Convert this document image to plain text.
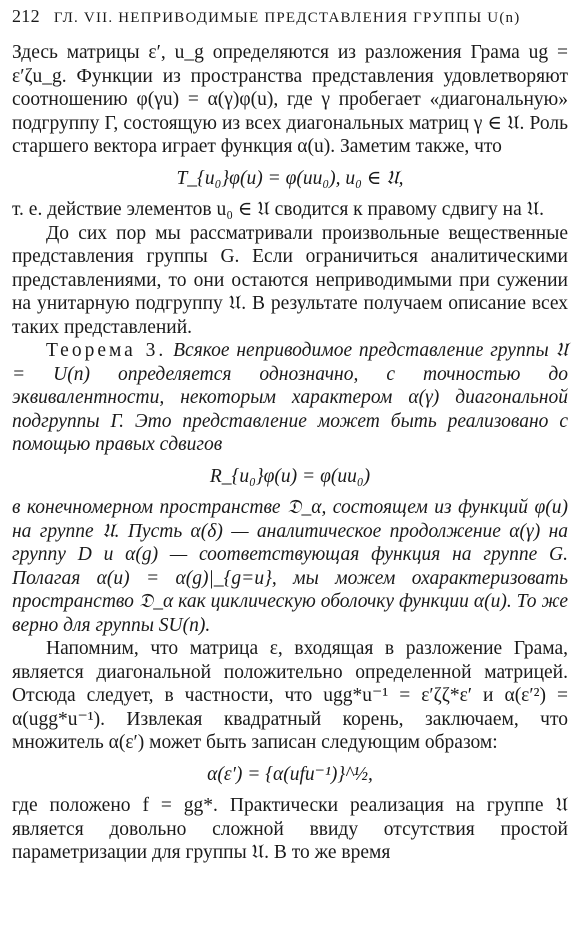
212 ГЛ. VII. НЕПРИВОДИМЫЕ ПРЕДСТАВЛЕНИЯ ГРУППЫ U(n)

Здесь матрицы ε′, u_g определяются из разложения Грама ug = ε′ζu_g. Функции из пространства представления удовлетворяют соотношению φ(γu) = α(γ)φ(u), где γ пробегает «диагональную» подгруппу Γ, состоящую из всех диагональных матриц γ ∈ 𝔘. Роль старшего вектора играет функция α(u). Заметим также, что

T_{u₀}φ(u) = φ(uu₀), u₀ ∈ 𝔘,

т. е. действие элементов u₀ ∈ 𝔘 сводится к правому сдвигу на 𝔘.

До сих пор мы рассматривали произвольные вещественные представления группы G. Если ограничиться аналитическими представлениями, то они остаются неприводимыми при сужении на унитарную подгруппу 𝔘. В результате получаем описание всех таких представлений.

Теорема 3. Всякое неприводимое представление группы 𝔘 = U(n) определяется однозначно, с точностью до эквивалентности, некоторым характером α(γ) диагональной подгруппы Γ. Это представление может быть реализовано с помощью правых сдвигов

R_{u₀}φ(u) = φ(uu₀)

в конечномерном пространстве 𝔇_α, состоящем из функций φ(u) на группе 𝔘. Пусть α(δ) — аналитическое продолжение α(γ) на группу D и α(g) — соответствующая функция на группе G. Полагая α(u) = α(g)|_{g=u}, мы можем охарактеризовать пространство 𝔇_α как циклическую оболочку функции α(u). То же верно для группы SU(n).

Напомним, что матрица ε, входящая в разложение Грама, является диагональной положительно определенной матрицей. Отсюда следует, в частности, что ugg*u⁻¹ = ε′ζζ*ε′ и α(ε′²) = α(ugg*u⁻¹). Извлекая квадратный корень, заключаем, что множитель α(ε′) может быть записан следующим образом:

α(ε′) = {α(ufu⁻¹)}^½,

где положено f = gg*. Практически реализация на группе 𝔘 является довольно сложной ввиду отсутствия простой параметризации для группы 𝔘. В то же время
